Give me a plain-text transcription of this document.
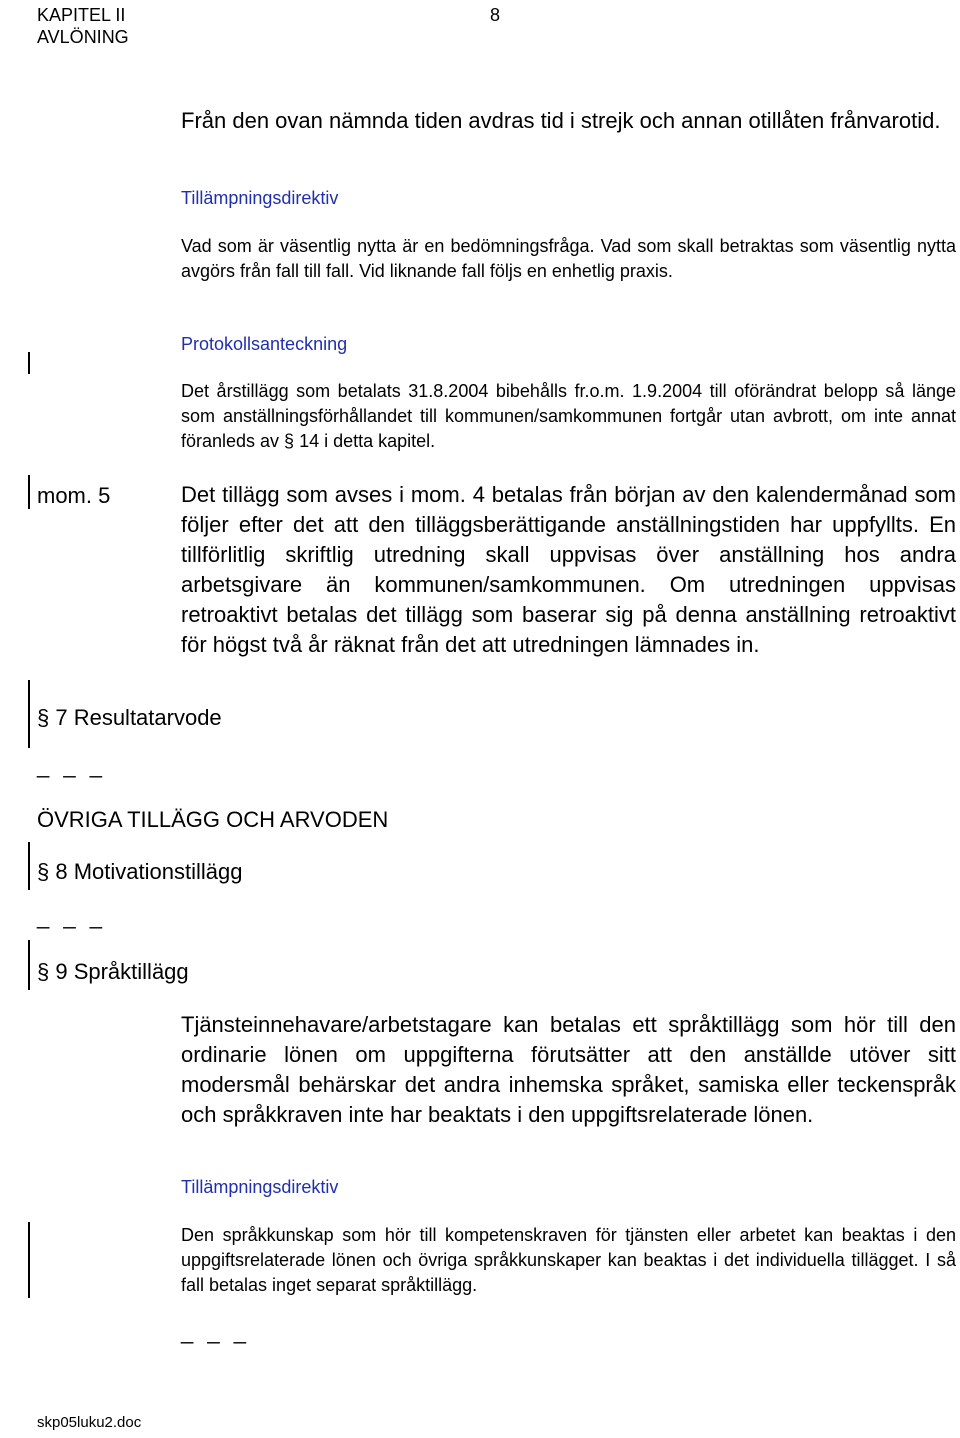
KAPITEL II
AVLÖNING
8
Från den ovan nämnda tiden avdras tid i strejk och annan otillåten frånvarotid.
Tillämpningsdirektiv
Vad som är väsentlig nytta är en bedömningsfråga. Vad som skall betraktas som väsentlig nytta avgörs från fall till fall. Vid liknande fall följs en enhetlig praxis.
Protokollsanteckning
Det årstillägg som betalats 31.8.2004 bibehålls fr.o.m. 1.9.2004 till oförändrat belopp så länge som anställningsförhållandet till kommunen/samkommunen fortgår utan avbrott, om inte annat föranleds av § 14 i detta kapitel.
mom. 5	Det tillägg som avses i mom. 4 betalas från början av den kalendermånad som följer efter det att den tilläggsberättigande anställningstiden har uppfyllts. En tillförlitlig skriftlig utredning skall uppvisas över anställning hos andra arbetsgivare än kommunen/samkommunen. Om utredningen uppvisas retroaktivt betalas det tillägg som baserar sig på denna anställning retroaktivt för högst två år räknat från det att utredningen lämnades in.
§ 7 Resultatarvode
_ _ _
ÖVRIGA TILLÄGG OCH ARVODEN
§ 8 Motivationstillägg
_ _ _
§ 9 Språktillägg
Tjänsteinnehavare/arbetstagare kan betalas ett språktillägg som hör till den ordinarie lönen om uppgifterna förutsätter att den anställde utöver sitt modersmål behärskar det andra inhemska språket, samiska eller teckenspråk och språkkraven inte har beaktats i den uppgiftsrelaterade lönen.
Tillämpningsdirektiv
Den språkkunskap som hör till kompetenskraven för tjänsten eller arbetet kan beaktas i den uppgiftsrelaterade lönen och övriga språkkunskaper kan beaktas i det individuella tillägget. I så fall betalas inget separat språktillägg.
_ _ _
skp05luku2.doc
